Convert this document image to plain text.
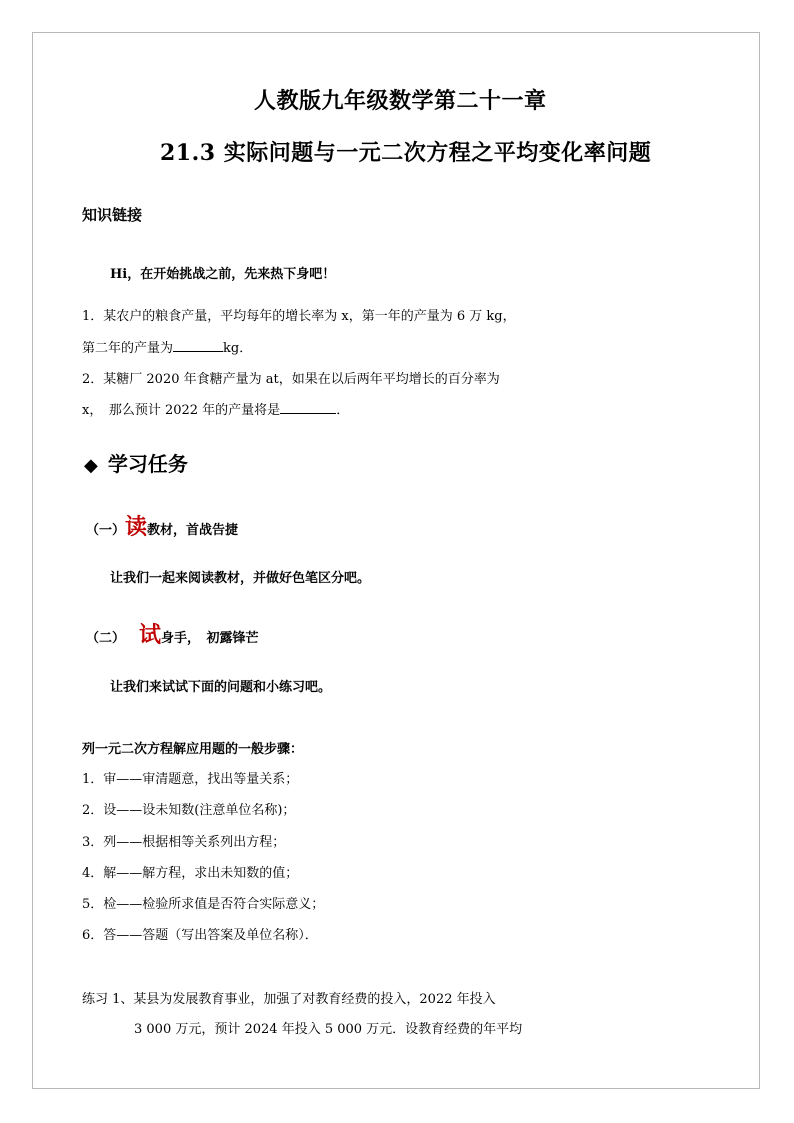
人教版九年级数学第二十一章
21.3 实际问题与一元二次方程之平均变化率问题
知识链接
Hi，在开始挑战之前，先来热下身吧！
1．某农户的粮食产量，平均每年的增长率为 x，第一年的产量为 6 万 kg，
第二年的产量为	kg．
2．某糖厂 2020 年食糖产量为 at，如果在以后两年平均增长的百分率为
x，　那么预计 2022 年的产量将是	．
◆ 学习任务
（一）读教材，首战告捷
让我们一起来阅读教材，并做好色笔区分吧。
（二） 试身手，　初露锋芒
让我们来试试下面的问题和小练习吧。
列一元二次方程解应用题的一般步骤：
1．审——审清题意，找出等量关系；
2．设——设未知数(注意单位名称)；
3．列——根据相等关系列出方程；
4．解——解方程，求出未知数的值；
5．检——检验所求值是否符合实际意义；
6．答——答题（写出答案及单位名称）．
练习 1、某县为发展教育事业，加强了对教育经费的投入，2022 年投入
3 000 万元，预计 2024 年投入 5 000 万元．设教育经费的年平均
